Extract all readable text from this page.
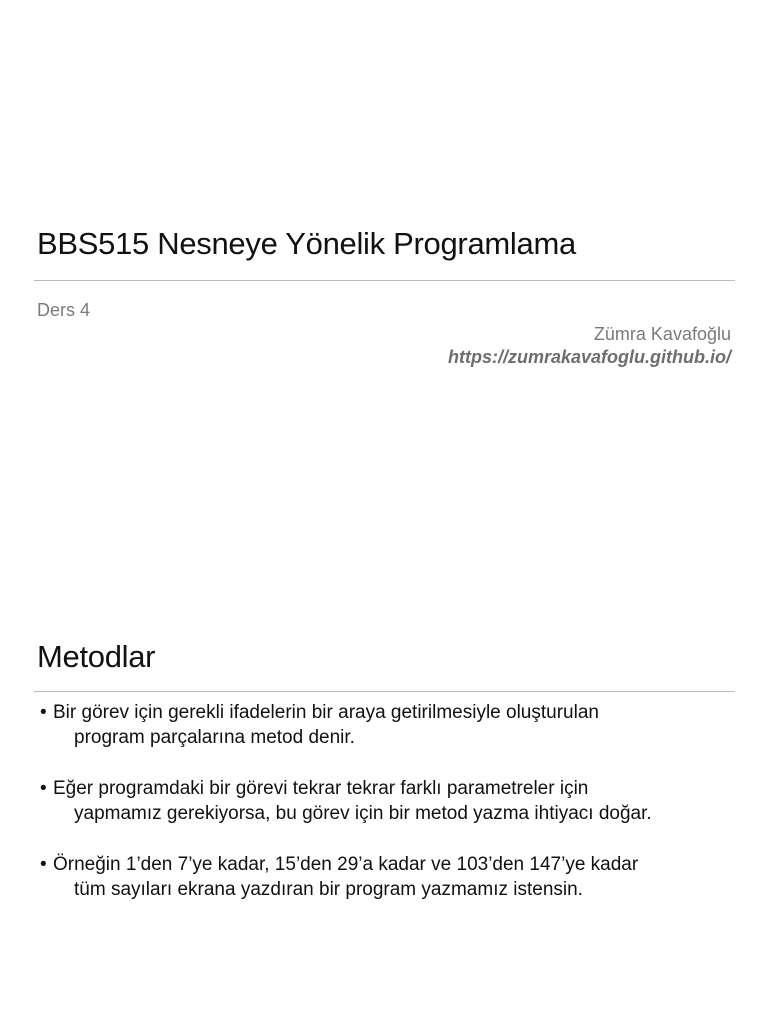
BBS515 Nesneye Yönelik Programlama
Ders 4
Zümra Kavafoğlu
https://zumrakavafoglu.github.io/
Metodlar
• Bir görev için gerekli ifadelerin bir araya getirilmesiyle oluşturulan
program parçalarına metod denir.
• Eğer programdaki bir görevi tekrar tekrar farklı parametreler için
yapmamız gerekiyorsa, bu görev için bir metod yazma ihtiyacı doğar.
• Örneğin 1’den 7’ye kadar, 15’den 29’a kadar ve 103’den 147’ye kadar
tüm sayıları ekrana yazdıran bir program yazmamız istensin.
